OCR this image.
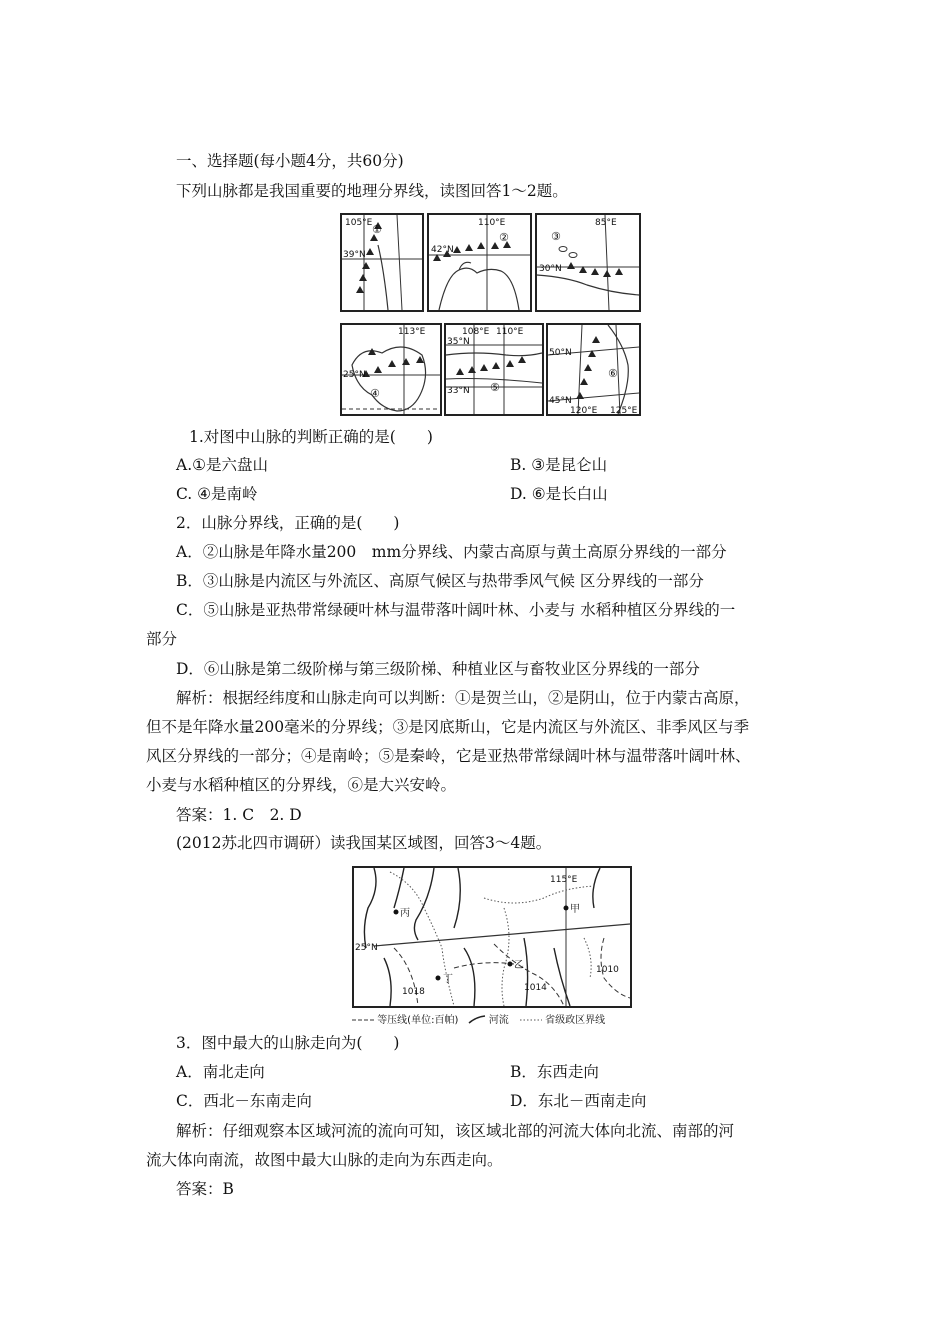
一、选择题(每小题4分，共60分)
下列山脉都是我国重要的地理分界线，读图回答1～2题。
105°E
39°N
①	110°E
42°N
②
85°E
30°N
③
113°E
25°N
④
108°E 110°E
35°N
33°N ⑤
50°N
45°N
120°E 125°E
⑥
1.对图中山脉的判断正确的是(　　)
A.①是六盘山	B. ③是昆仑山
C. ④是南岭	D. ⑥是长白山
2．山脉分界线，正确的是(　　)
A．②山脉是年降水量200　mm分界线、内蒙古高原与黄土高原分界线的一部分
B．③山脉是内流区与外流区、高原气候区与热带季风气候 区分界线的一部分
C．⑤山脉是亚热带常绿硬叶林与温带落叶阔叶林、小麦与 水稻种植区分界线的一
部分
D．⑥山脉是第二级阶梯与第三级阶梯、种植业区与畜牧业区分界线的一部分
解析：根据经纬度和山脉走向可以判断：①是贺兰山，②是阴山，位于内蒙古高原，
但不是年降水量200毫米的分界线；③是冈底斯山，它是内流区与外流区、非季风区与季
风区分界线的一部分；④是南岭；⑤是秦岭，它是亚热带常绿阔叶林与温带落叶阔叶林、
小麦与水稻种植区的分界线，⑥是大兴安岭。
答案：1. C　2. D
(2012苏北四市调研）读我国某区域图，回答3～4题。
丙	甲
乙
丁
115°E
25°N
1018	1014
1010
等压线(单位:百帕)	河流	省级政区界线
3．图中最大的山脉走向为(　　)
A．南北走向	B．东西走向
C．西北－东南走向	D．东北－西南走向
解析：仔细观察本区域河流的流向可知，该区域北部的河流大体向北流、南部的河
流大体向南流，故图中最大山脉的走向为东西走向。
答案：B
